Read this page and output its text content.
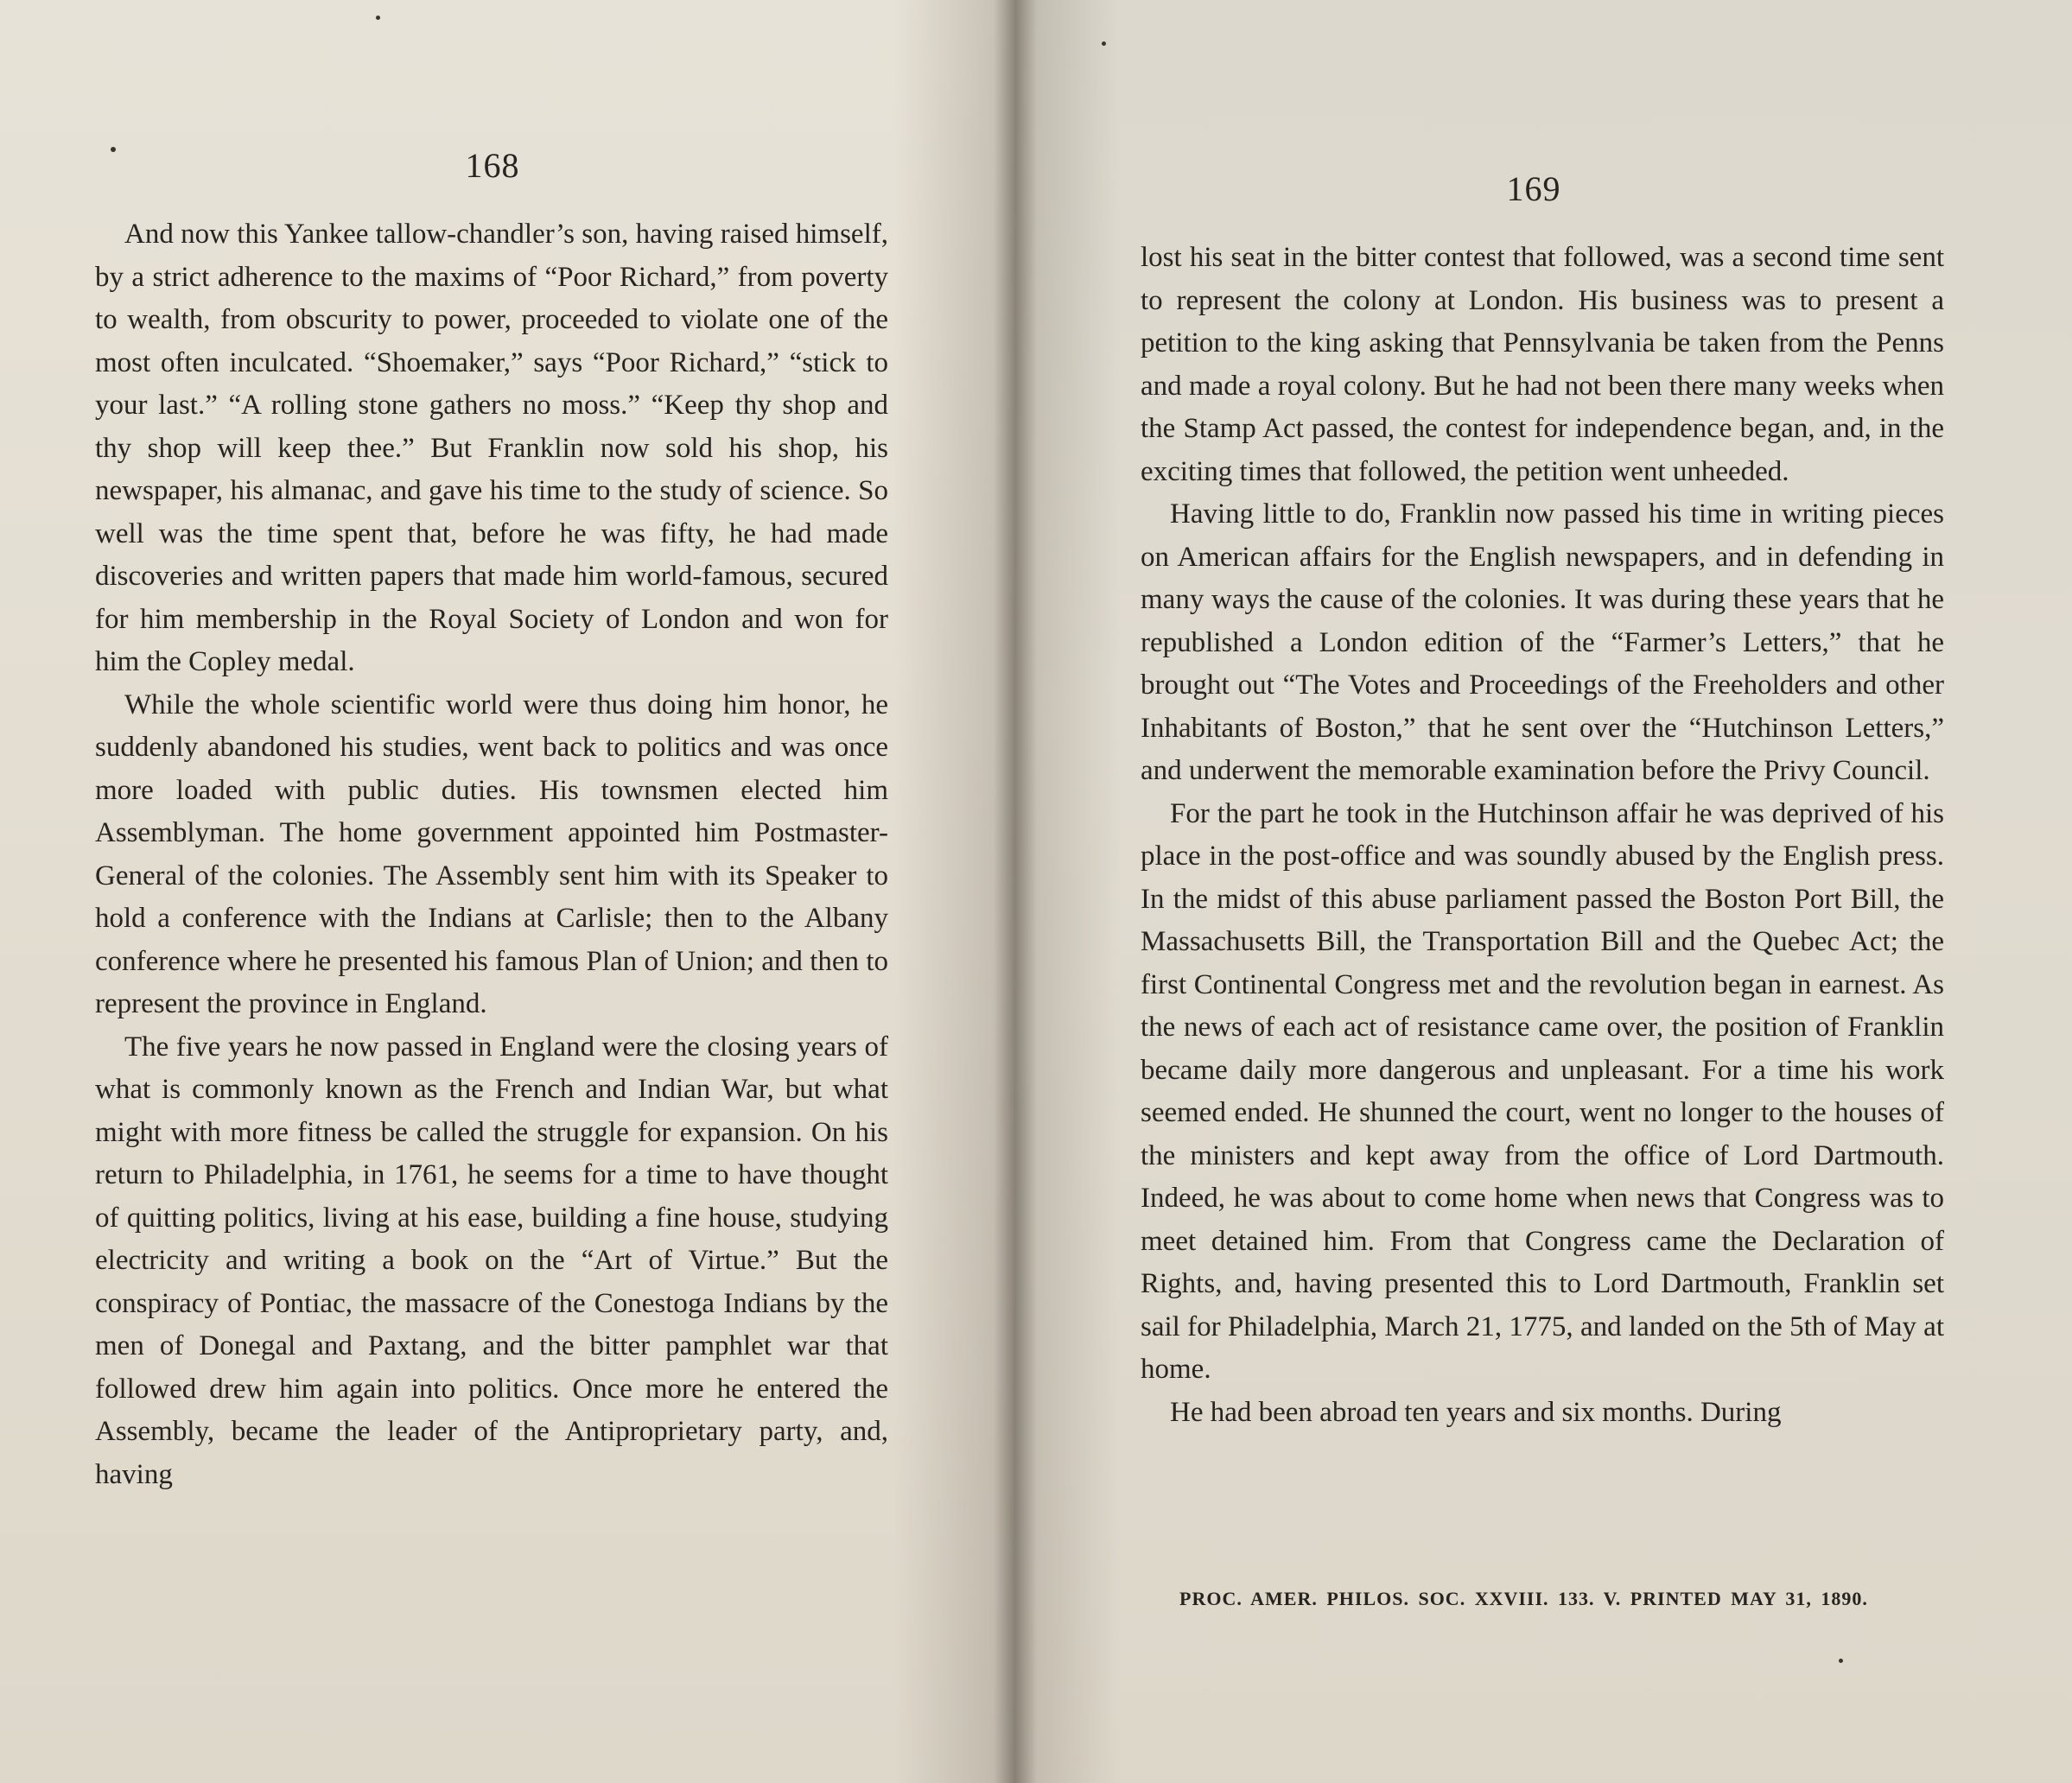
168

And now this Yankee tallow-chandler’s son, having raised himself, by a strict adherence to the maxims of “Poor Richard,” from poverty to wealth, from obscurity to power, proceeded to violate one of the most often inculcated. “Shoemaker,” says “Poor Richard,” “stick to your last.” “A rolling stone gathers no moss.” “Keep thy shop and thy shop will keep thee.” But Franklin now sold his shop, his newspaper, his almanac, and gave his time to the study of science. So well was the time spent that, before he was fifty, he had made discoveries and written papers that made him world-famous, secured for him membership in the Royal Society of London and won for him the Copley medal.

While the whole scientific world were thus doing him honor, he suddenly abandoned his studies, went back to politics and was once more loaded with public duties. His townsmen elected him Assemblyman. The home government appointed him Postmaster-General of the colonies. The Assembly sent him with its Speaker to hold a conference with the Indians at Carlisle; then to the Albany conference where he presented his famous Plan of Union; and then to represent the province in England.

The five years he now passed in England were the closing years of what is commonly known as the French and Indian War, but what might with more fitness be called the struggle for expansion. On his return to Philadelphia, in 1761, he seems for a time to have thought of quitting politics, living at his ease, building a fine house, studying electricity and writing a book on the “Art of Virtue.” But the conspiracy of Pontiac, the massacre of the Conestoga Indians by the men of Donegal and Paxtang, and the bitter pamphlet war that followed drew him again into politics. Once more he entered the Assembly, became the leader of the Antiproprietary party, and, having

169

lost his seat in the bitter contest that followed, was a second time sent to represent the colony at London. His business was to present a petition to the king asking that Pennsylvania be taken from the Penns and made a royal colony. But he had not been there many weeks when the Stamp Act passed, the contest for independence began, and, in the exciting times that followed, the petition went unheeded.

Having little to do, Franklin now passed his time in writing pieces on American affairs for the English newspapers, and in defending in many ways the cause of the colonies. It was during these years that he republished a London edition of the “Farmer’s Letters,” that he brought out “The Votes and Proceedings of the Freeholders and other Inhabitants of Boston,” that he sent over the “Hutchinson Letters,” and underwent the memorable examination before the Privy Council.

For the part he took in the Hutchinson affair he was deprived of his place in the post-office and was soundly abused by the English press. In the midst of this abuse parliament passed the Boston Port Bill, the Massachusetts Bill, the Transportation Bill and the Quebec Act; the first Continental Congress met and the revolution began in earnest. As the news of each act of resistance came over, the position of Franklin became daily more dangerous and unpleasant. For a time his work seemed ended. He shunned the court, went no longer to the houses of the ministers and kept away from the office of Lord Dartmouth. Indeed, he was about to come home when news that Congress was to meet detained him. From that Congress came the Declaration of Rights, and, having presented this to Lord Dartmouth, Franklin set sail for Philadelphia, March 21, 1775, and landed on the 5th of May at home.

He had been abroad ten years and six months. During

PROC. AMER. PHILOS. SOC. XXVIII. 133. V. PRINTED MAY 31, 1890.
